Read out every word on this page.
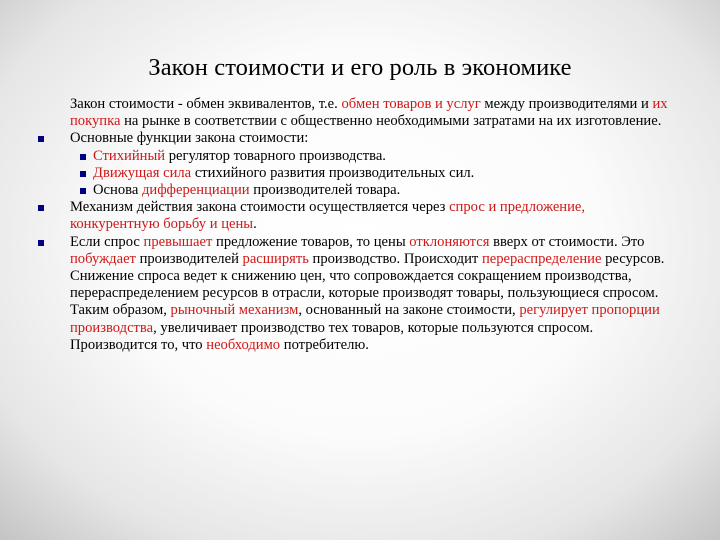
Закон стоимости и его роль в экономике

Закон стоимости - обмен эквивалентов, т.е. обмен товаров и услуг между производителями и их покупка на рынке в соответствии с общественно необходимыми затратами на их изготовление.

Основные функции закона стоимости:

Стихийный регулятор товарного производства.

Движущая сила стихийного развития производительных сил.

Основа дифференциации производителей товара.

Механизм действия закона стоимости осуществляется через спрос и предложение, конкурентную борьбу и цены.

Если спрос превышает предложение товаров, то цены отклоняются вверх от стоимости. Это побуждает производителей расширять производство. Происходит перераспределение ресурсов. Снижение спроса ведет к снижению цен, что сопровождается сокращением производства, перераспределением ресурсов в отрасли, которые производят товары, пользующиеся спросом. Таким образом, рыночный механизм, основанный на законе стоимости, регулирует пропорции производства, увеличивает производство тех товаров, которые пользуются спросом. Производится то, что необходимо потребителю.
